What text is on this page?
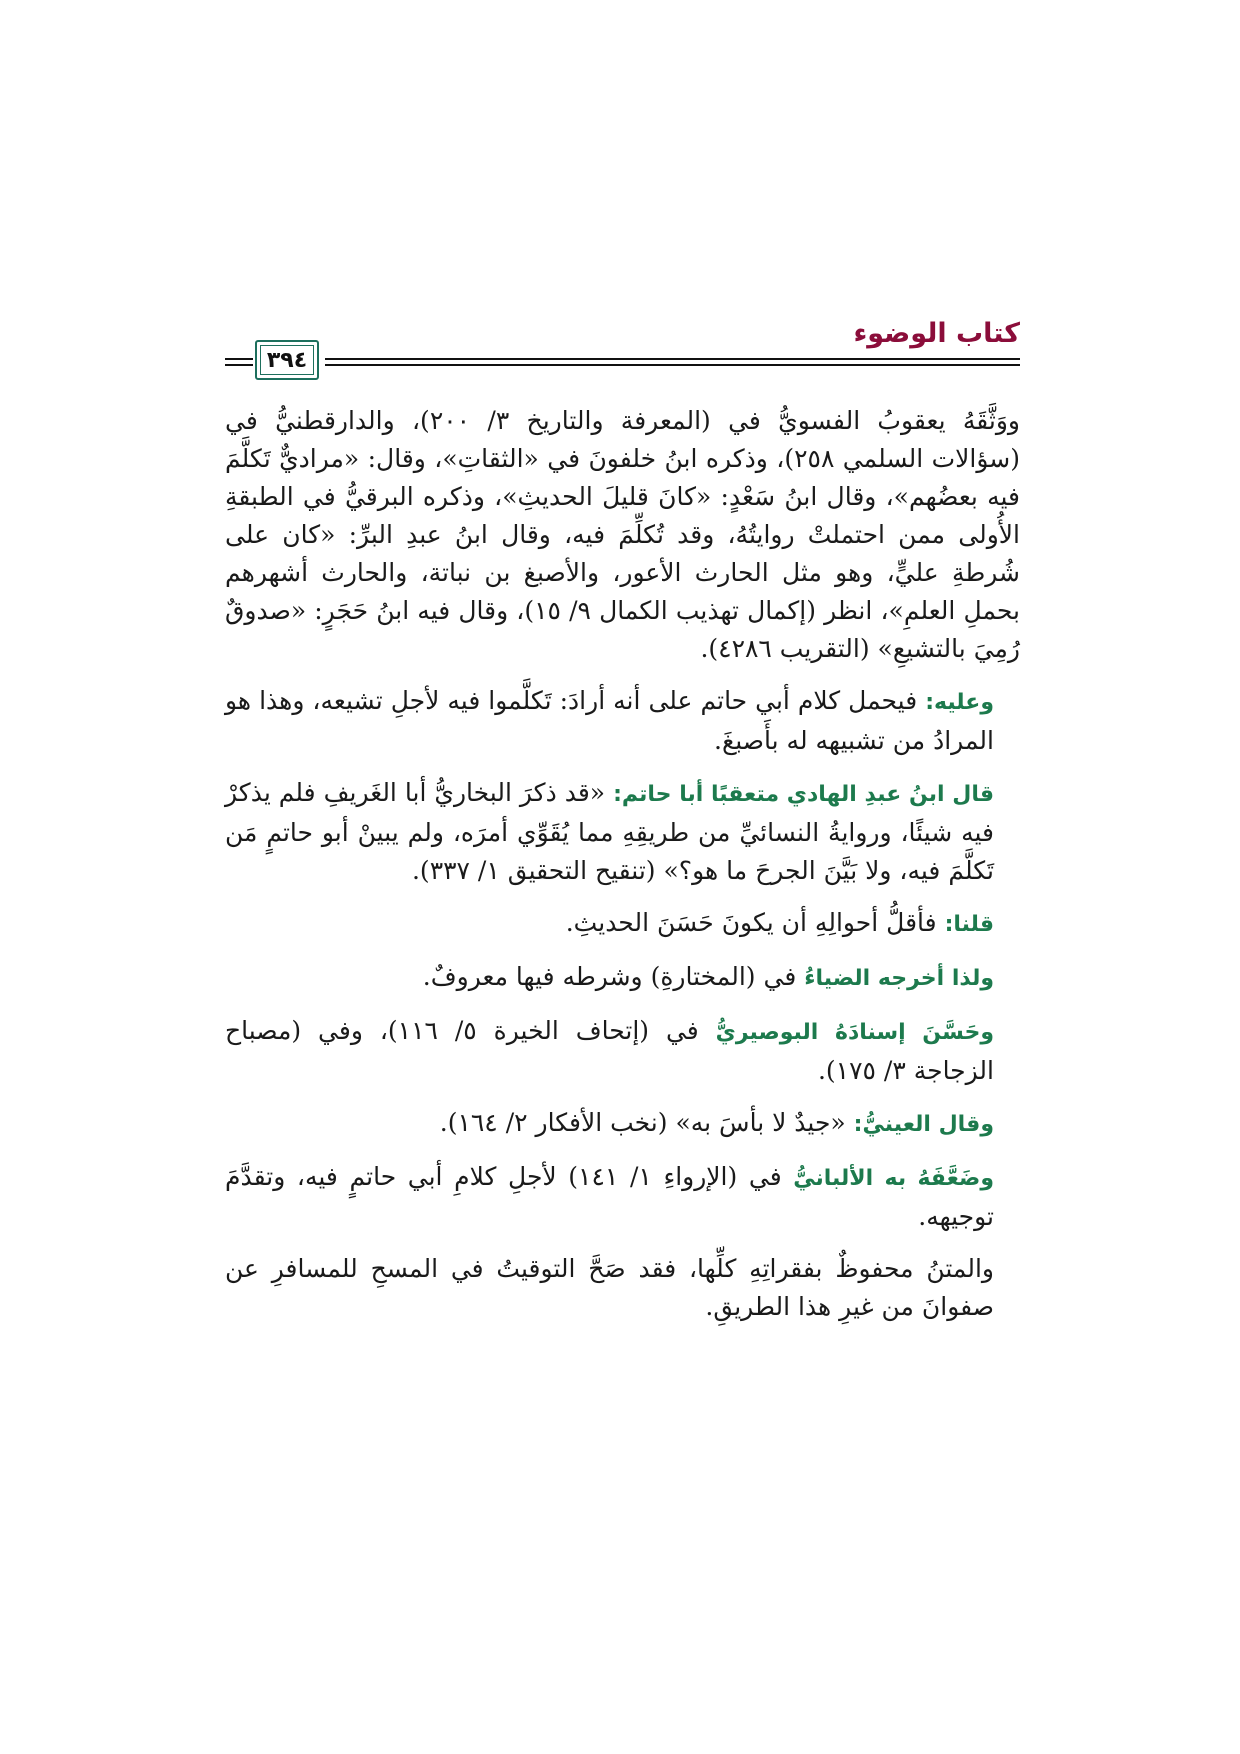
كتاب الوضوء
٣٩٤

ووَثَّقَهُ يعقوبُ الفسويُّ في (المعرفة والتاريخ ٣/ ٢٠٠)، والدارقطنيُّ في (سؤالات السلمي ٢٥٨)، وذكره ابنُ خلفونَ في «الثقاتِ»، وقال: «مراديٌّ تَكلَّمَ فيه بعضُهم»، وقال ابنُ سَعْدٍ: «كانَ قليلَ الحديثِ»، وذكره البرقيُّ في الطبقةِ الأُولى ممن احتملتْ روايتُهُ، وقد تُكلِّمَ فيه، وقال ابنُ عبدِ البرِّ: «كان على شُرطةِ عليٍّ، وهو مثل الحارث الأعور، والأصبغ بن نباتة، والحارث أشهرهم بحملِ العلمِ»، انظر (إكمال تهذيب الكمال ٩/ ١٥)، وقال فيه ابنُ حَجَرٍ: «صدوقٌ رُمِيَ بالتشيعِ» (التقريب ٤٢٨٦).

وعليه: فيحمل كلام أبي حاتم على أنه أرادَ: تَكلَّموا فيه لأجلِ تشيعه، وهذا هو المرادُ من تشبيهه له بأَصبغَ.

قال ابنُ عبدِ الهادي متعقبًا أبا حاتم: «قد ذكرَ البخاريُّ أبا الغَريفِ فلم يذكرْ فيه شيئًا، وروايةُ النسائيِّ من طريقِهِ مما يُقَوِّي أمرَه، ولم يبينْ أبو حاتمٍ مَن تَكلَّمَ فيه، ولا بَيَّنَ الجرحَ ما هو؟» (تنقيح التحقيق ١/ ٣٣٧).

قلنا: فأقلُّ أحوالِهِ أن يكونَ حَسَنَ الحديثِ.

ولذا أخرجه الضياءُ في (المختارةِ) وشرطه فيها معروفٌ.

وحَسَّنَ إسنادَهُ البوصيريُّ في (إتحاف الخيرة ٥/ ١١٦)، وفي (مصباح الزجاجة ٣/ ١٧٥).

وقال العينيُّ: «جيدٌ لا بأسَ به» (نخب الأفكار ٢/ ١٦٤).

وضَعَّفَهُ به الألبانيُّ في (الإرواءِ ١/ ١٤١) لأجلِ كلامِ أبي حاتمٍ فيه، وتقدَّمَ توجيهه.

والمتنُ محفوظٌ بفقراتِهِ كلِّها، فقد صَحَّ التوقيتُ في المسحِ للمسافرِ عن صفوانَ من غيرِ هذا الطريقِ.
